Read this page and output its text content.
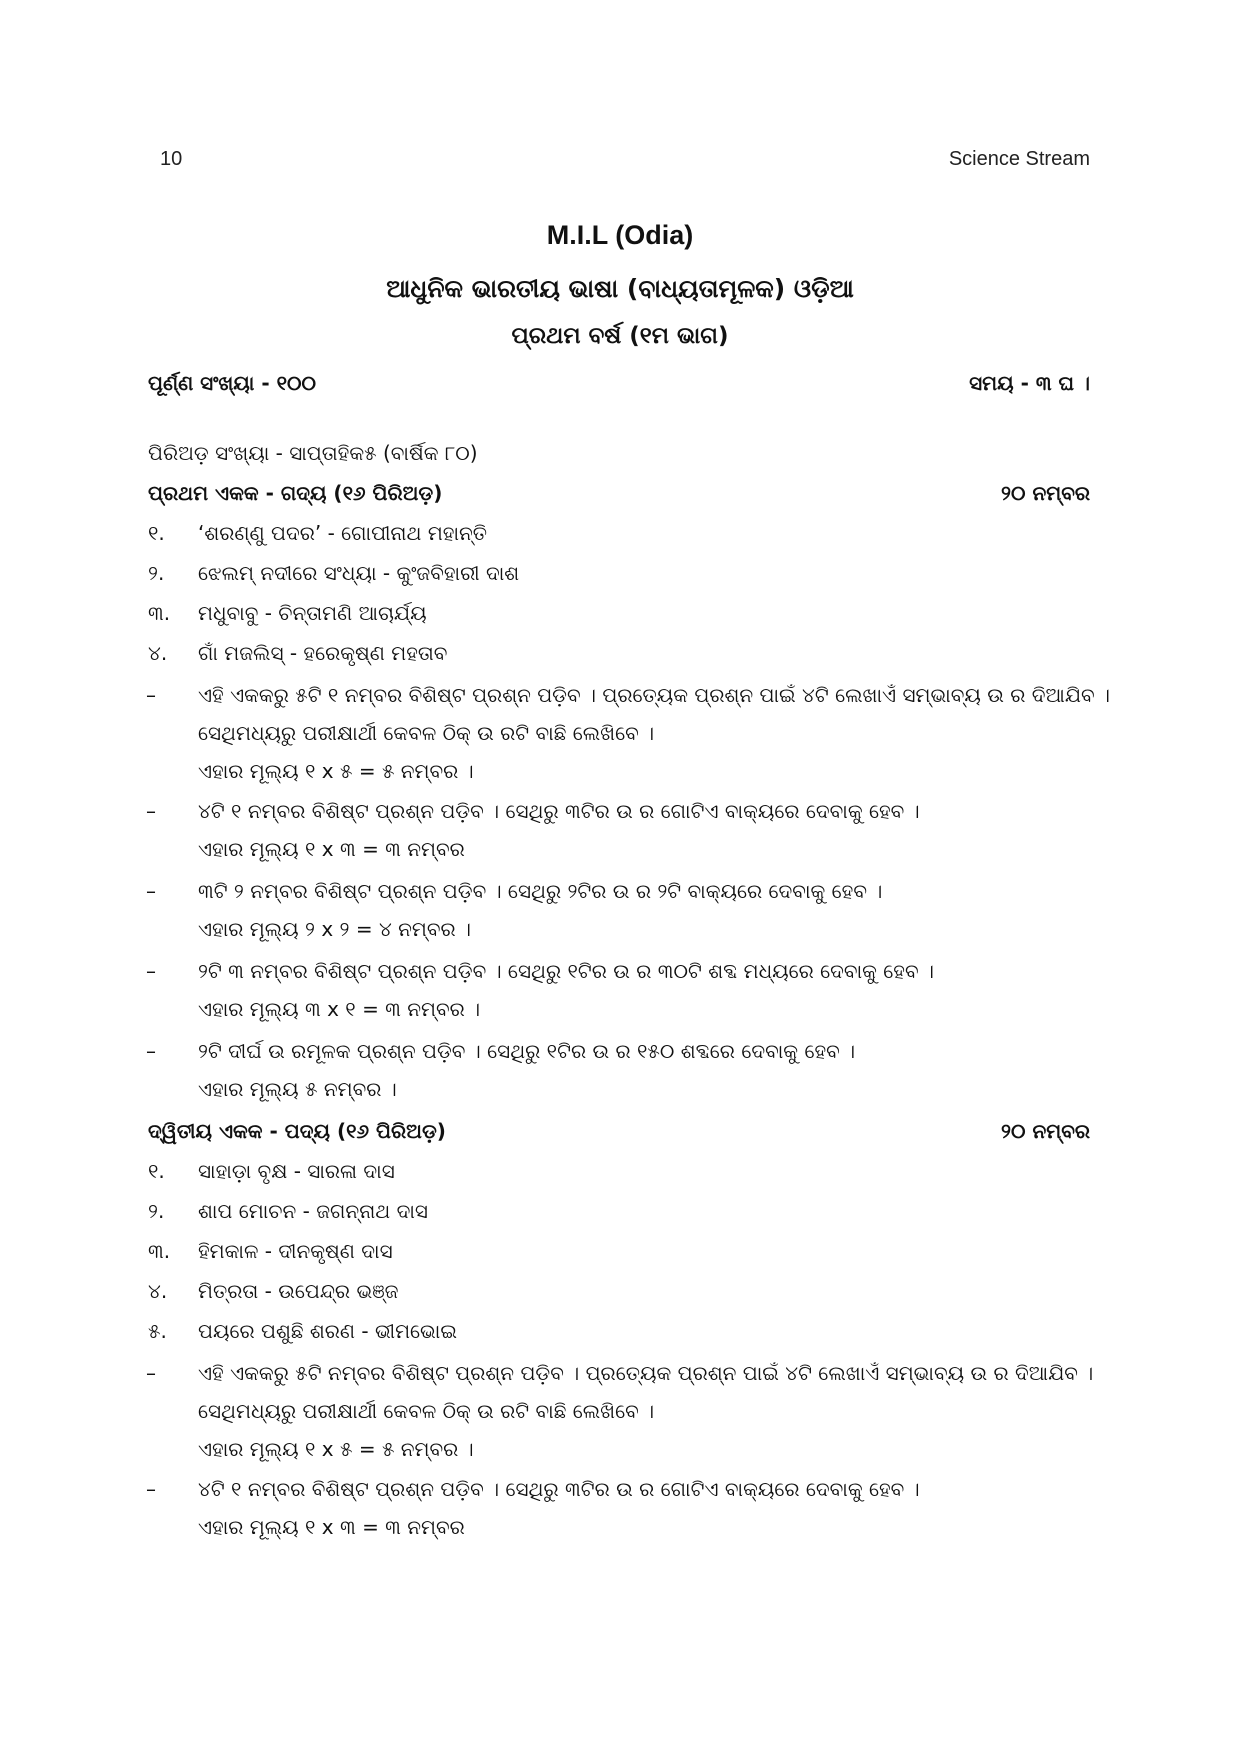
10	Science Stream
M.I.L (Odia)
ଆଧୁନିକ ଭାରତୀୟ ଭାଷା (ବାଧ୍ୟତାମୂଳକ) ଓଡ଼ିଆ
ପ୍ରଥମ ବର୍ଷ (୧ମ ଭାଗ)
ପୂର୍ଣ୍ଣ ସଂଖ୍ୟା - ୧୦୦	ସମୟ - ୩ ଘ ।
ପିରିଅଡ଼ ସଂଖ୍ୟା - ସାପ୍ତାହିକ୫ (ବାର୍ଷିକ ୮୦)
ପ୍ରଥମ ଏକକ - ଗଦ୍ୟ (୧୬ ପିରିଅଡ଼)	୨୦ ନମ୍ବର
୧. ‘ଶରଣ୍ଣୁ ପଦର’ - ଗୋପୀନାଥ ମହାନ୍ତି
୨. ଝେଲମ୍ ନଦୀରେ ସଂଧ୍ୟା - କୁଂଜବିହାରୀ ଦାଶ
୩. ମଧୁବାବୁ - ଚିନ୍ତାମଣି ଆଚାର୍ଯ୍ୟ
୪. ଗାଁ ମଜଲିସ୍ - ହରେକୃଷ୍ଣ ମହତାବ
– ଏହି ଏକକରୁ ୫ଟି ୧ ନମ୍ବର ବିଶିଷ୍ଟ ପ୍ରଶ୍ନ ପଡ଼ିବ । ପ୍ରତ୍ୟେକ ପ୍ରଶ୍ନ ପାଇଁ ୪ଟି ଲେଖାଏଁ ସମ୍ଭାବ୍ୟ ଉ ର ଦିଆଯିବ ।
ସେଥିମଧ୍ୟରୁ ପରୀକ୍ଷାର୍ଥୀ କେବଳ ଠିକ୍ ଉ ରଟି ବାଛି ଲେଖିବେ ।
ଏହାର ମୂଲ୍ୟ ୧ x ୫ = ୫ ନମ୍ବର ।
– ୪ଟି ୧ ନମ୍ବର ବିଶିଷ୍ଟ ପ୍ରଶ୍ନ ପଡ଼ିବ । ସେଥିରୁ ୩ଟିର ଉ ର ଗୋଟିଏ ବାକ୍ୟରେ ଦେବାକୁ ହେବ ।
ଏହାର ମୂଲ୍ୟ ୧ x ୩ = ୩ ନମ୍ବର
– ୩ଟି ୨ ନମ୍ବର ବିଶିଷ୍ଟ ପ୍ରଶ୍ନ ପଡ଼ିବ । ସେଥିରୁ ୨ଟିର ଉ ର ୨ଟି ବାକ୍ୟରେ ଦେବାକୁ ହେବ ।
ଏହାର ମୂଲ୍ୟ ୨ x ୨ = ୪ ନମ୍ବର ।
– ୨ଟି ୩ ନମ୍ବର ବିଶିଷ୍ଟ ପ୍ରଶ୍ନ ପଡ଼ିବ । ସେଥିରୁ ୧ଟିର ଉ ର ୩୦ଟି ଶବ୍ଦ ମଧ୍ୟରେ ଦେବାକୁ ହେବ ।
ଏହାର ମୂଲ୍ୟ ୩ x ୧ = ୩ ନମ୍ବର ।
– ୨ଟି ଦୀର୍ଘ ଉ ରମୂଳକ ପ୍ରଶ୍ନ ପଡ଼ିବ । ସେଥିରୁ ୧ଟିର ଉ ର ୧୫୦ ଶବ୍ଦରେ ଦେବାକୁ ହେବ ।
ଏହାର ମୂଲ୍ୟ ୫ ନମ୍ବର ।
ଦ୍ୱିତୀୟ ଏକକ - ପଦ୍ୟ (୧୬ ପିରିଅଡ଼)	୨୦ ନମ୍ବର
୧. ସାହାଡ଼ା ବୃକ୍ଷ - ସାରଳା ଦାସ
୨. ଶାପ ମୋଚନ - ଜଗନ୍ନାଥ ଦାସ
୩. ହିମକାଳ - ଦୀନକୃଷ୍ଣ ଦାସ
୪. ମିତ୍ରତା - ଉପେନ୍ଦ୍ର ଭଞ୍ଜ
୫. ପୟରେ ପଶୁଛି ଶରଣ - ଭୀମଭୋଇ
– ଏହି ଏକକରୁ ୫ଟି ନମ୍ବର ବିଶିଷ୍ଟ ପ୍ରଶ୍ନ ପଡ଼ିବ । ପ୍ରତ୍ୟେକ ପ୍ରଶ୍ନ ପାଇଁ ୪ଟି ଲେଖାଏଁ ସମ୍ଭାବ୍ୟ ଉ ର ଦିଆଯିବ ।
ସେଥିମଧ୍ୟରୁ ପରୀକ୍ଷାର୍ଥୀ କେବଳ ଠିକ୍ ଉ ରଟି ବାଛି ଲେଖିବେ ।
ଏହାର ମୂଲ୍ୟ ୧ x ୫ = ୫ ନମ୍ବର ।
– ୪ଟି ୧ ନମ୍ବର ବିଶିଷ୍ଟ ପ୍ରଶ୍ନ ପଡ଼ିବ । ସେଥିରୁ ୩ଟିର ଉ ର ଗୋଟିଏ ବାକ୍ୟରେ ଦେବାକୁ ହେବ ।
ଏହାର ମୂଲ୍ୟ ୧ x ୩ = ୩ ନମ୍ବର
